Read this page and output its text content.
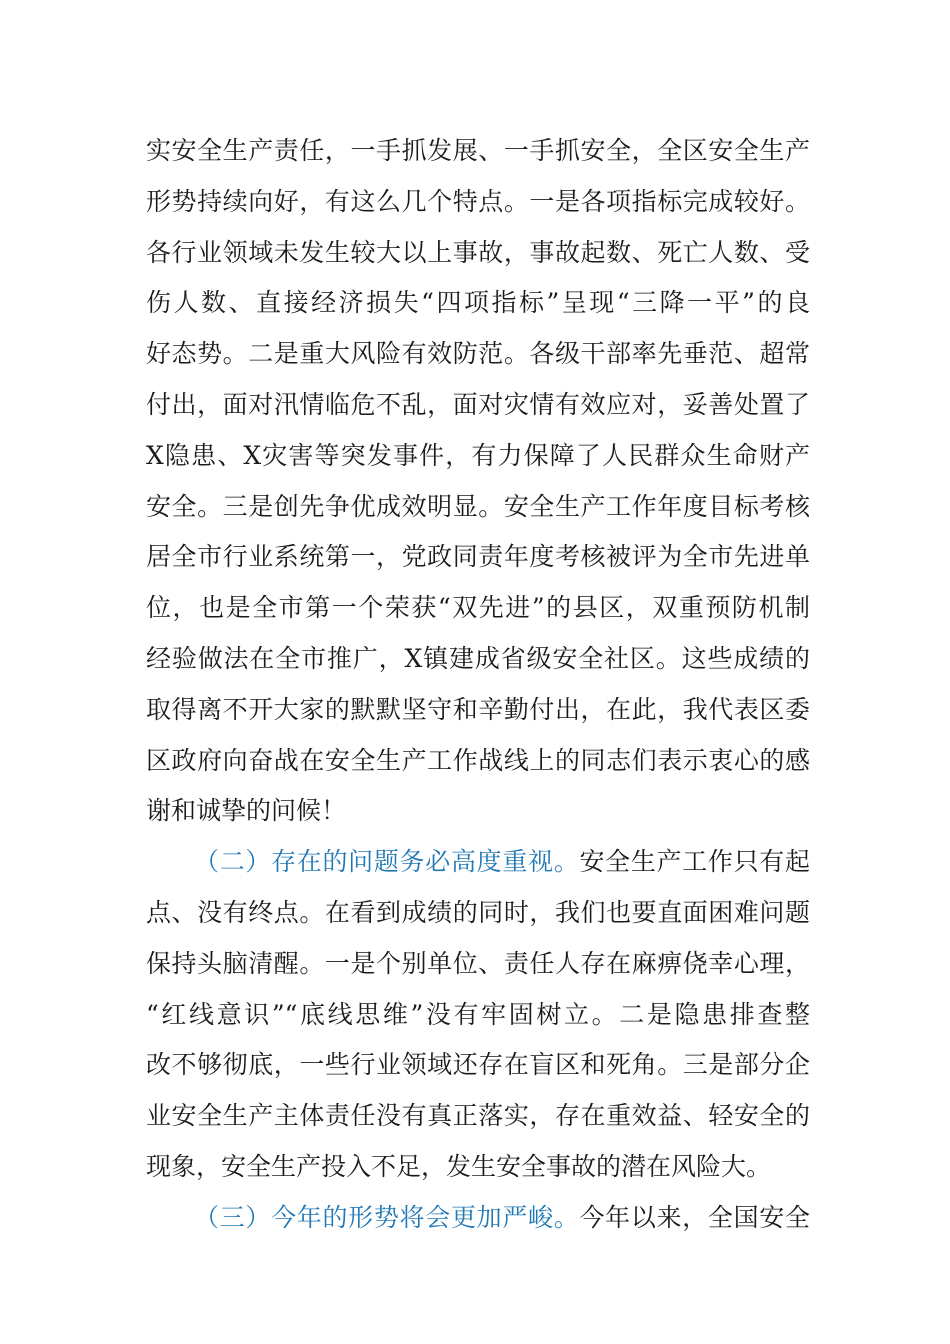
实安全生产责任，一手抓发展、一手抓安全，全区安全生产
形势持续向好，有这么几个特点。一是各项指标完成较好。
各行业领域未发生较大以上事故，事故起数、死亡人数、受
伤人数、直接经济损失“四项指标”呈现“三降一平”的良
好态势。二是重大风险有效防范。各级干部率先垂范、超常
付出，面对汛情临危不乱，面对灾情有效应对，妥善处置了
X隐患、X灾害等突发事件，有力保障了人民群众生命财产
安全。三是创先争优成效明显。安全生产工作年度目标考核
居全市行业系统第一，党政同责年度考核被评为全市先进单
位，也是全市第一个荣获“双先进”的县区，双重预防机制
经验做法在全市推广，X镇建成省级安全社区。这些成绩的
取得离不开大家的默默坚守和辛勤付出，在此，我代表区委
区政府向奋战在安全生产工作战线上的同志们表示衷心的感
谢和诚挚的问候！
（二）存在的问题务必高度重视。安全生产工作只有起
点、没有终点。在看到成绩的同时，我们也要直面困难问题
保持头脑清醒。一是个别单位、责任人存在麻痹侥幸心理，
“红线意识”“底线思维”没有牢固树立。二是隐患排查整
改不够彻底，一些行业领域还存在盲区和死角。三是部分企
业安全生产主体责任没有真正落实，存在重效益、轻安全的
现象，安全生产投入不足，发生安全事故的潜在风险大。
（三）今年的形势将会更加严峻。今年以来，全国安全
